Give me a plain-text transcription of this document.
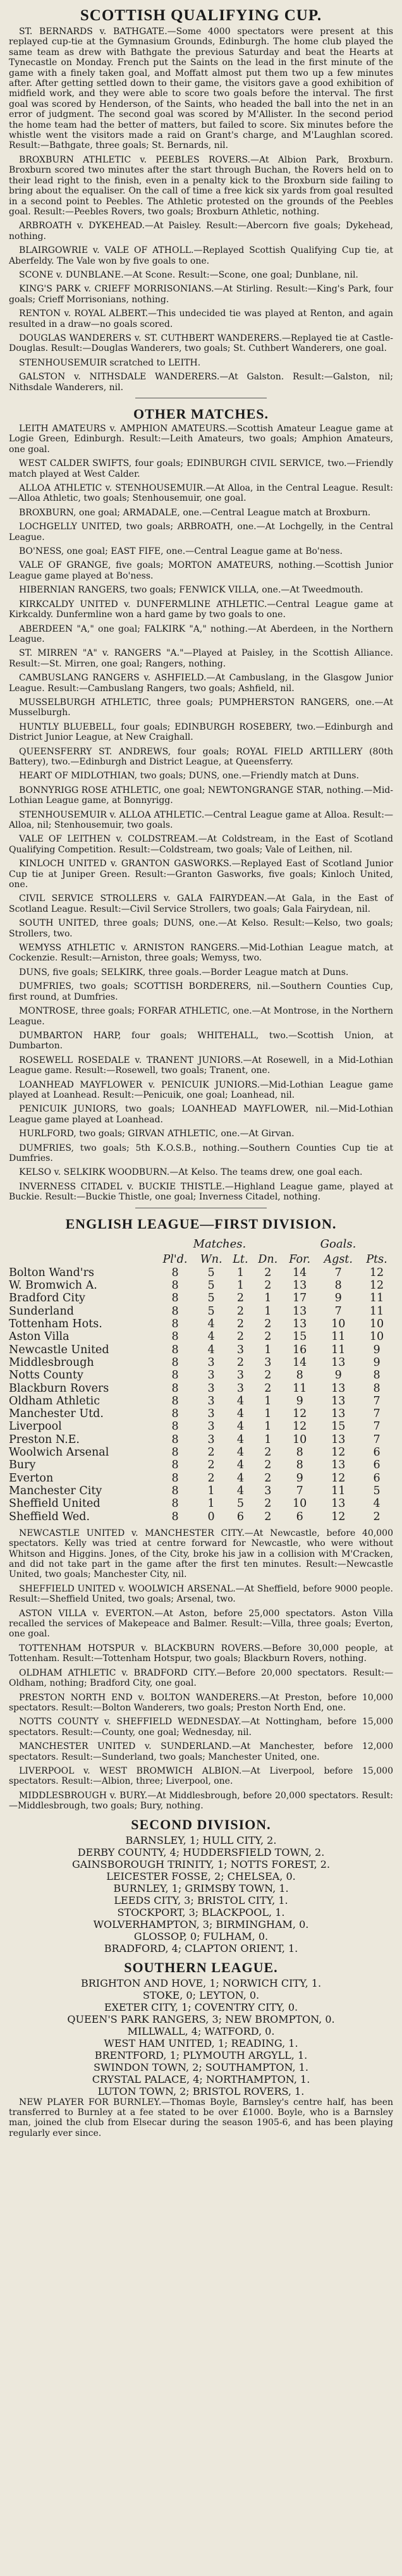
SCOTTISH QUALIFYING CUP.

ST. BERNARDS v. BATHGATE.—Some 4000 spectators were present at this replayed cup-tie at the Gymnasium Grounds, Edinburgh. The home club played the same team as drew with Bathgate the previous Saturday and beat the Hearts at Tynecastle on Monday. French put the Saints on the lead in the first minute of the game with a finely taken goal, and Moffatt almost put them two up a few minutes after. After getting settled down to their game, the visitors gave a good exhibition of midfield work, and they were able to score two goals before the interval. The first goal was scored by Henderson, of the Saints, who headed the ball into the net in an error of judgment. The second goal was scored by M'Allister. In the second period the home team had the better of matters, but failed to score. Six minutes before the whistle went the visitors made a raid on Grant's charge, and M'Laughlan scored. Result:—Bathgate, three goals; St. Bernards, nil.

BROXBURN ATHLETIC v. PEEBLES ROVERS.—At Albion Park, Broxburn. Broxburn scored two minutes after the start through Buchan, the Rovers held on to their lead right to the finish, even in a penalty kick to the Broxburn side failing to bring about the equaliser. On the call of time a free kick six yards from goal resulted in a second point to Peebles. The Athletic protested on the grounds of the Peebles goal. Result:—Peebles Rovers, two goals; Broxburn Athletic, nothing.

ARBROATH v. DYKEHEAD.—At Paisley. Result:—Abercorn five goals; Dykehead, nothing.

BLAIRGOWRIE v. VALE OF ATHOLL.—Replayed Scottish Qualifying Cup tie, at Aberfeldy. The Vale won by five goals to one.

SCONE v. DUNBLANE.—At Scone. Result:—Scone, one goal; Dunblane, nil.

KING'S PARK v. CRIEFF MORRISONIANS.—At Stirling. Result:—King's Park, four goals; Crieff Morrisonians, nothing.

RENTON v. ROYAL ALBERT.—This undecided tie was played at Renton, and again resulted in a draw—no goals scored.

DOUGLAS WANDERERS v. ST. CUTHBERT WANDERERS.—Replayed tie at Castle-Douglas. Result:—Douglas Wanderers, two goals; St. Cuthbert Wanderers, one goal.

STENHOUSEMUIR scratched to LEITH.

GALSTON v. NITHSDALE WANDERERS.—At Galston. Result:—Galston, nil; Nithsdale Wanderers, nil.

OTHER MATCHES.

LEITH AMATEURS v. AMPHION AMATEURS.—Scottish Amateur League game at Logie Green, Edinburgh. Result:—Leith Amateurs, two goals; Amphion Amateurs, one goal.

WEST CALDER SWIFTS, four goals; EDINBURGH CIVIL SERVICE, two.—Friendly match played at West Calder.

ALLOA ATHLETIC v. STENHOUSEMUIR.—At Alloa, in the Central League. Result:—Alloa Athletic, two goals; Stenhousemuir, one goal.

BROXBURN, one goal; ARMADALE, one.—Central League match at Broxburn.

LOCHGELLY UNITED, two goals; ARBROATH, one.—At Lochgelly, in the Central League.

BO'NESS, one goal; EAST FIFE, one.—Central League game at Bo'ness.

VALE OF GRANGE, five goals; MORTON AMATEURS, nothing.—Scottish Junior League game played at Bo'ness.

HIBERNIAN RANGERS, two goals; FENWICK VILLA, one.—At Tweedmouth.

KIRKCALDY UNITED v. DUNFERMLINE ATHLETIC.—Central League game at Kirkcaldy. Dunfermline won a hard game by two goals to one.

ABERDEEN "A," one goal; FALKIRK "A," nothing.—At Aberdeen, in the Northern League.

ST. MIRREN "A" v. RANGERS "A."—Played at Paisley, in the Scottish Alliance. Result:—St. Mirren, one goal; Rangers, nothing.

CAMBUSLANG RANGERS v. ASHFIELD.—At Cambuslang, in the Glasgow Junior League. Result:—Cambuslang Rangers, two goals; Ashfield, nil.

MUSSELBURGH ATHLETIC, three goals; PUMPHERSTON RANGERS, one.—At Musselburgh.

HUNTLY BLUEBELL, four goals; EDINBURGH ROSEBERY, two.—Edinburgh and District Junior League, at New Craighall.

QUEENSFERRY ST. ANDREWS, four goals; ROYAL FIELD ARTILLERY (80th Battery), two.—Edinburgh and District League, at Queensferry.

HEART OF MIDLOTHIAN, two goals; DUNS, one.—Friendly match at Duns.

BONNYRIGG ROSE ATHLETIC, one goal; NEWTONGRANGE STAR, nothing.—Mid-Lothian League game, at Bonnyrigg.

STENHOUSEMUIR v. ALLOA ATHLETIC.—Central League game at Alloa. Result:—Alloa, nil; Stenhousemuir, two goals.

VALE OF LEITHEN v. COLDSTREAM.—At Coldstream, in the East of Scotland Qualifying Competition. Result:—Coldstream, two goals; Vale of Leithen, nil.

KINLOCH UNITED v. GRANTON GASWORKS.—Replayed East of Scotland Junior Cup tie at Juniper Green. Result:—Granton Gasworks, five goals; Kinloch United, one.

CIVIL SERVICE STROLLERS v. GALA FAIRYDEAN.—At Gala, in the East of Scotland League. Result:—Civil Service Strollers, two goals; Gala Fairydean, nil.

SOUTH UNITED, three goals; DUNS, one.—At Kelso. Result:—Kelso, two goals; Strollers, two.

WEMYSS ATHLETIC v. ARNISTON RANGERS.—Mid-Lothian League match, at Cockenzie. Result:—Arniston, three goals; Wemyss, two.

DUNS, five goals; SELKIRK, three goals.—Border League match at Duns.

DUMFRIES, two goals; SCOTTISH BORDERERS, nil.—Southern Counties Cup, first round, at Dumfries.

MONTROSE, three goals; FORFAR ATHLETIC, one.—At Montrose, in the Northern League.

DUMBARTON HARP, four goals; WHITEHALL, two.—Scottish Union, at Dumbarton.

ROSEWELL ROSEDALE v. TRANENT JUNIORS.—At Rosewell, in a Mid-Lothian League game. Result:—Rosewell, two goals; Tranent, one.

LOANHEAD MAYFLOWER v. PENICUIK JUNIORS.—Mid-Lothian League game played at Loanhead. Result:—Penicuik, one goal; Loanhead, nil.

PENICUIK JUNIORS, two goals; LOANHEAD MAYFLOWER, nil.—Mid-Lothian League game played at Loanhead.

HURLFORD, two goals; GIRVAN ATHLETIC, one.—At Girvan.

DUMFRIES, two goals; 5th K.O.S.B., nothing.—Southern Counties Cup tie at Dumfries.

KELSO v. SELKIRK WOODBURN.—At Kelso. The teams drew, one goal each.

INVERNESS CITADEL v. BUCKIE THISTLE.—Highland League game, played at Buckie. Result:—Buckie Thistle, one goal; Inverness Citadel, nothing.

ENGLISH LEAGUE—FIRST DIVISION.
	Matches.				Goals.		
	Pl'd.	Wn.	Lt.	Dn.	For.	Agst.	Pts.
Bolton Wand'rs	8	5	1	2	14	7	12
W. Bromwich A.	8	5	1	2	13	8	12
Bradford City	8	5	2	1	17	9	11
Sunderland	8	5	2	1	13	7	11
Tottenham Hots.	8	4	2	2	13	10	10
Aston Villa	8	4	2	2	15	11	10
Newcastle United	8	4	3	1	16	11	9
Middlesbrough	8	3	2	3	14	13	9
Notts County	8	3	3	2	8	9	8
Blackburn Rovers	8	3	3	2	11	13	8
Oldham Athletic	8	3	4	1	9	13	7
Manchester Utd.	8	3	4	1	12	13	7
Liverpool	8	3	4	1	12	15	7
Preston N.E.	8	3	4	1	10	13	7
Woolwich Arsenal	8	2	4	2	8	12	6
Bury	8	2	4	2	8	13	6
Everton	8	2	4	2	9	12	6
Manchester City	8	1	4	3	7	11	5
Sheffield United	8	1	5	2	10	13	4
Sheffield Wed.	8	0	6	2	6	12	2

NEWCASTLE UNITED v. MANCHESTER CITY.—At Newcastle, before 40,000 spectators. Kelly was tried at centre forward for Newcastle, who were without Whitson and Higgins. Jones, of the City, broke his jaw in a collision with M'Cracken, and did not take part in the game after the first ten minutes. Result:—Newcastle United, two goals; Manchester City, nil.

SHEFFIELD UNITED v. WOOLWICH ARSENAL.—At Sheffield, before 9000 people. Result:—Sheffield United, two goals; Arsenal, two.

ASTON VILLA v. EVERTON.—At Aston, before 25,000 spectators. Aston Villa recalled the services of Makepeace and Balmer. Result:—Villa, three goals; Everton, one goal.

TOTTENHAM HOTSPUR v. BLACKBURN ROVERS.—Before 30,000 people, at Tottenham. Result:—Tottenham Hotspur, two goals; Blackburn Rovers, nothing.

OLDHAM ATHLETIC v. BRADFORD CITY.—Before 20,000 spectators. Result:—Oldham, nothing; Bradford City, one goal.

PRESTON NORTH END v. BOLTON WANDERERS.—At Preston, before 10,000 spectators. Result:—Bolton Wanderers, two goals; Preston North End, one.

NOTTS COUNTY v. SHEFFIELD WEDNESDAY.—At Nottingham, before 15,000 spectators. Result:—County, one goal; Wednesday, nil.

MANCHESTER UNITED v. SUNDERLAND.—At Manchester, before 12,000 spectators. Result:—Sunderland, two goals; Manchester United, one.

LIVERPOOL v. WEST BROMWICH ALBION.—At Liverpool, before 15,000 spectators. Result:—Albion, three; Liverpool, one.

MIDDLESBROUGH v. BURY.—At Middlesbrough, before 20,000 spectators. Result:—Middlesbrough, two goals; Bury, nothing.

SECOND DIVISION.

BARNSLEY, 1; HULL CITY, 2.

DERBY COUNTY, 4; HUDDERSFIELD TOWN, 2.

GAINSBOROUGH TRINITY, 1; NOTTS FOREST, 2.

LEICESTER FOSSE, 2; CHELSEA, 0.

BURNLEY, 1; GRIMSBY TOWN, 1.

LEEDS CITY, 3; BRISTOL CITY, 1.

STOCKPORT, 3; BLACKPOOL, 1.

WOLVERHAMPTON, 3; BIRMINGHAM, 0.

GLOSSOP, 0; FULHAM, 0.

BRADFORD, 4; CLAPTON ORIENT, 1.

SOUTHERN LEAGUE.

BRIGHTON AND HOVE, 1; NORWICH CITY, 1.

STOKE, 0; LEYTON, 0.

EXETER CITY, 1; COVENTRY CITY, 0.

QUEEN'S PARK RANGERS, 3; NEW BROMPTON, 0.

MILLWALL, 4; WATFORD, 0.

WEST HAM UNITED, 1; READING, 1.

BRENTFORD, 1; PLYMOUTH ARGYLL, 1.

SWINDON TOWN, 2; SOUTHAMPTON, 1.

CRYSTAL PALACE, 4; NORTHAMPTON, 1.

LUTON TOWN, 2; BRISTOL ROVERS, 1.

NEW PLAYER FOR BURNLEY.—Thomas Boyle, Barnsley's centre half, has been transferred to Burnley at a fee stated to be over £1000. Boyle, who is a Barnsley man, joined the club from Elsecar during the season 1905-6, and has been playing regularly ever since.
